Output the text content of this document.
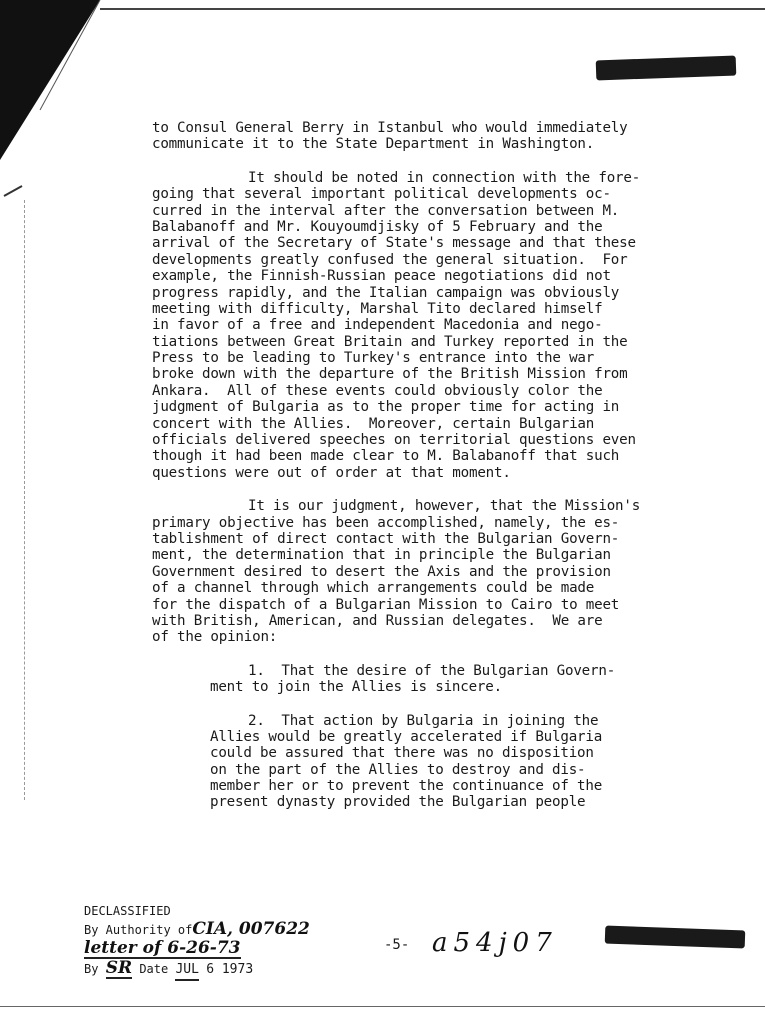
TOP SECRET
to Consul General Berry in Istanbul who would immediately
communicate it to the State Department in Washington.
It should be noted in connection with the fore-
going that several important political developments oc-
curred in the interval after the conversation between M.
Balabanoff and Mr. Kouyoumdjisky of 5 February and the
arrival of the Secretary of State's message and that these
developments greatly confused the general situation.  For
example, the Finnish-Russian peace negotiations did not
progress rapidly, and the Italian campaign was obviously
meeting with difficulty, Marshal Tito declared himself
in favor of a free and independent Macedonia and nego-
tiations between Great Britain and Turkey reported in the
Press to be leading to Turkey's entrance into the war
broke down with the departure of the British Mission from
Ankara.  All of these events could obviously color the
judgment of Bulgaria as to the proper time for acting in
concert with the Allies.  Moreover, certain Bulgarian
officials delivered speeches on territorial questions even
though it had been made clear to M. Balabanoff that such
questions were out of order at that moment.
It is our judgment, however, that the Mission's
primary objective has been accomplished, namely, the es-
tablishment of direct contact with the Bulgarian Govern-
ment, the determination that in principle the Bulgarian
Government desired to desert the Axis and the provision
of a channel through which arrangements could be made
for the dispatch of a Bulgarian Mission to Cairo to meet
with British, American, and Russian delegates.  We are
of the opinion:
1.  That the desire of the Bulgarian Govern-
ment to join the Allies is sincere.
2.  That action by Bulgaria in joining the
Allies would be greatly accelerated if Bulgaria
could be assured that there was no disposition
on the part of the Allies to destroy and dis-
member her or to prevent the continuance of the
present dynasty provided the Bulgarian people
DECLASSIFIED
By Authority ofCIA, 007622
letter of 6-26-73
By SR Date JUL 6 1973
-5- a54j07	TOP SECRET
